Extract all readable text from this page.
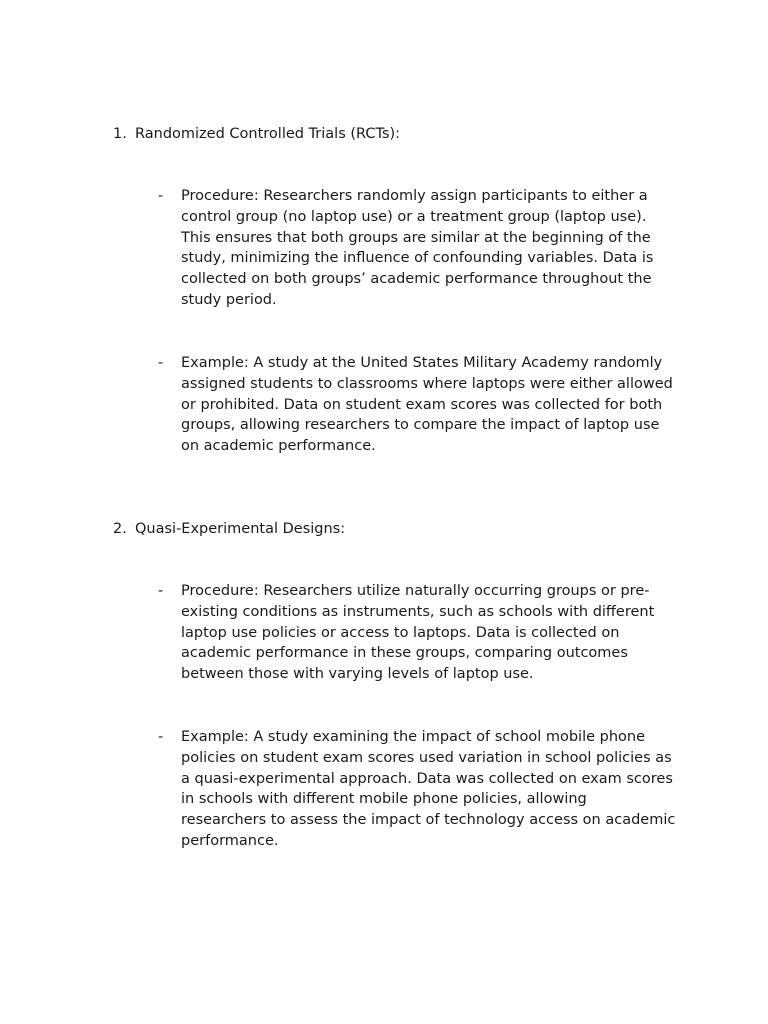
1. Randomized Controlled Trials (RCTs):
- Procedure: Researchers randomly assign participants to either a control group (no laptop use) or a treatment group (laptop use). This ensures that both groups are similar at the beginning of the study, minimizing the influence of confounding variables. Data is collected on both groups’ academic performance throughout the study period.
- Example: A study at the United States Military Academy randomly assigned students to classrooms where laptops were either allowed or prohibited. Data on student exam scores was collected for both groups, allowing researchers to compare the impact of laptop use on academic performance.
2. Quasi-Experimental Designs:
- Procedure: Researchers utilize naturally occurring groups or pre-existing conditions as instruments, such as schools with different laptop use policies or access to laptops. Data is collected on academic performance in these groups, comparing outcomes between those with varying levels of laptop use.
- Example: A study examining the impact of school mobile phone policies on student exam scores used variation in school policies as a quasi-experimental approach. Data was collected on exam scores in schools with different mobile phone policies, allowing researchers to assess the impact of technology access on academic performance.
